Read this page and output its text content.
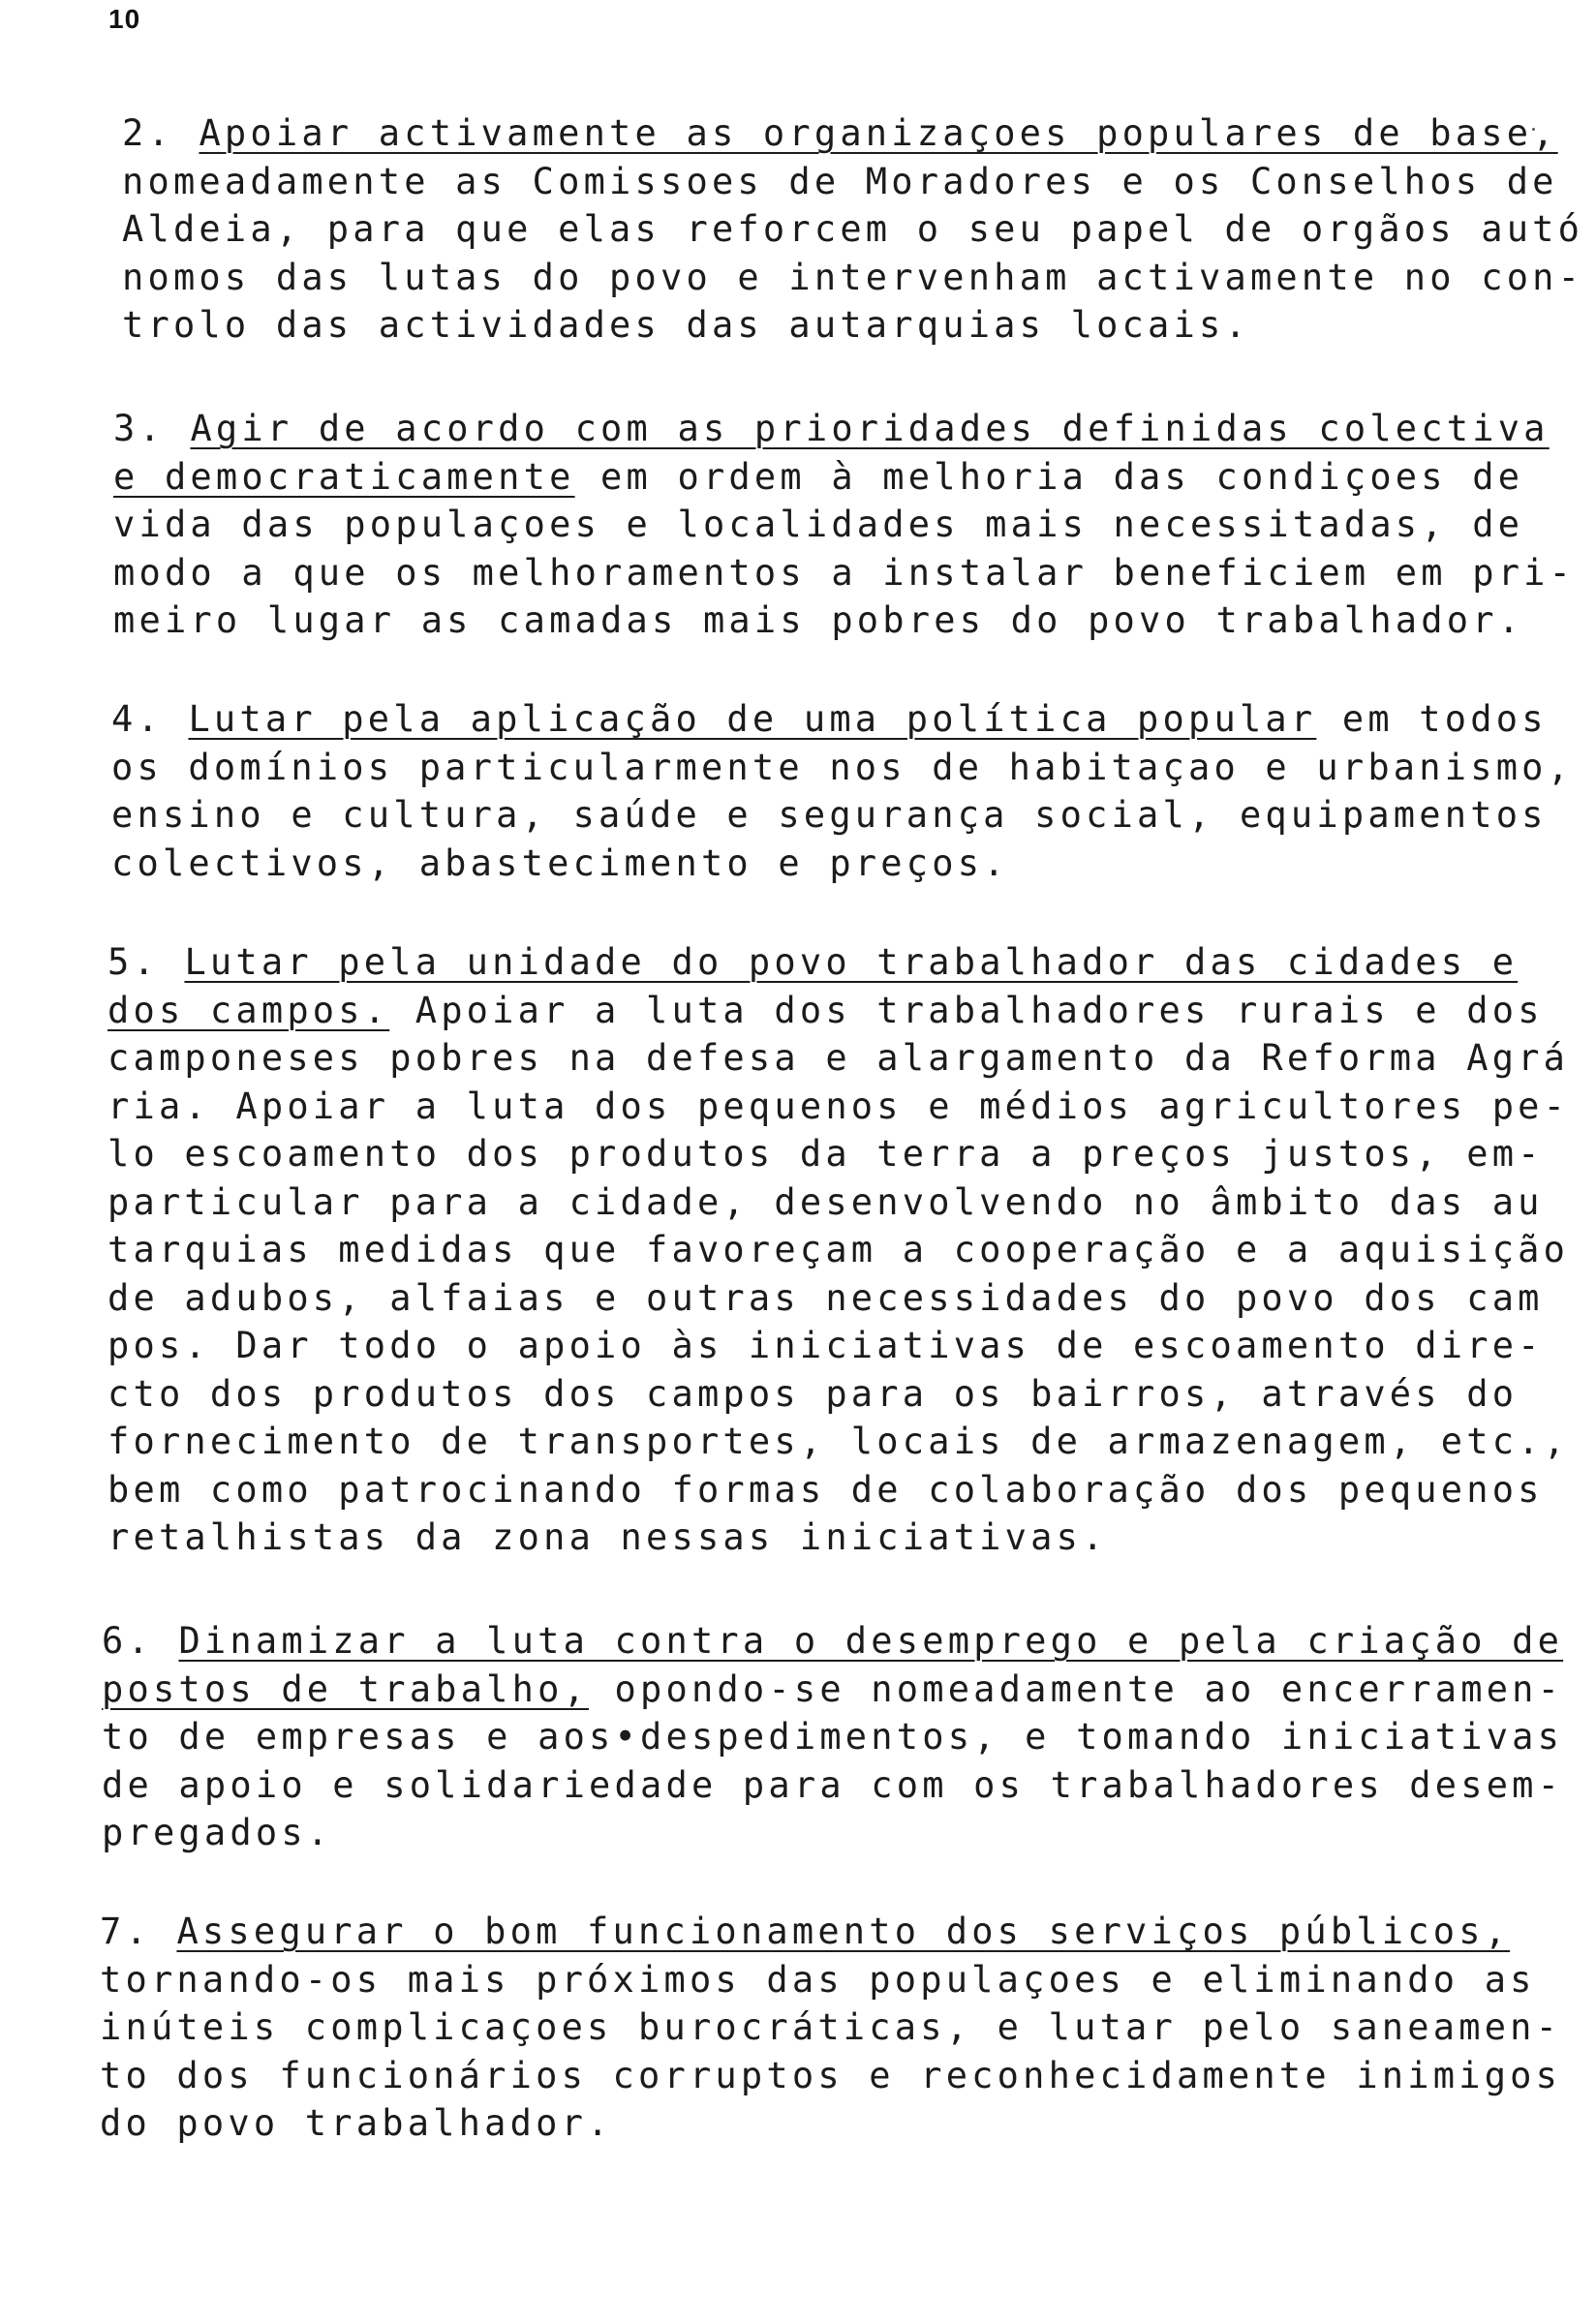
10
2. Apoiar activamente as organizaçoes populares de base,
nomeadamente as Comissoes de Moradores e os Conselhos de
Aldeia, para que elas reforcem o seu papel de orgãos autó
nomos das lutas do povo e intervenham activamente no con-
trolo das actividades das autarquias locais.
3. Agir de acordo com as prioridades definidas colectiva
e democraticamente em ordem à melhoria das condiçoes de
vida das populaçoes e localidades mais necessitadas, de
modo a que os melhoramentos a instalar beneficiem em pri-
meiro lugar as camadas mais pobres do povo trabalhador.
4. Lutar pela aplicação de uma política popular em todos
os domínios particularmente nos de habitaçao e urbanismo,
ensino e cultura, saúde e segurança social, equipamentos
colectivos, abastecimento e preços.
5. Lutar pela unidade do povo trabalhador das cidades e
dos campos. Apoiar a luta dos trabalhadores rurais e dos
camponeses pobres na defesa e alargamento da Reforma Agrá
ria. Apoiar a luta dos pequenos e médios agricultores pe-
lo escoamento dos produtos da terra a preços justos, em-
particular para a cidade, desenvolvendo no âmbito das au
tarquias medidas que favoreçam a cooperação e a aquisição
de adubos, alfaias e outras necessidades do povo dos cam
pos. Dar todo o apoio às iniciativas de escoamento dire-
cto dos produtos dos campos para os bairros, através do
fornecimento de transportes, locais de armazenagem, etc.,
bem como patrocinando formas de colaboração dos pequenos
retalhistas da zona nessas iniciativas.
6. Dinamizar a luta contra o desemprego e pela criação de
postos de trabalho, opondo-se nomeadamente ao encerramen-
to de empresas e aos•despedimentos, e tomando iniciativas
de apoio e solidariedade para com os trabalhadores desem-
pregados.
7. Assegurar o bom funcionamento dos serviços públicos,
tornando-os mais próximos das populaçoes e eliminando as
inúteis complicaçoes burocráticas, e lutar pelo saneamen-
to dos funcionários corruptos e reconhecidamente inimigos
do povo trabalhador.
